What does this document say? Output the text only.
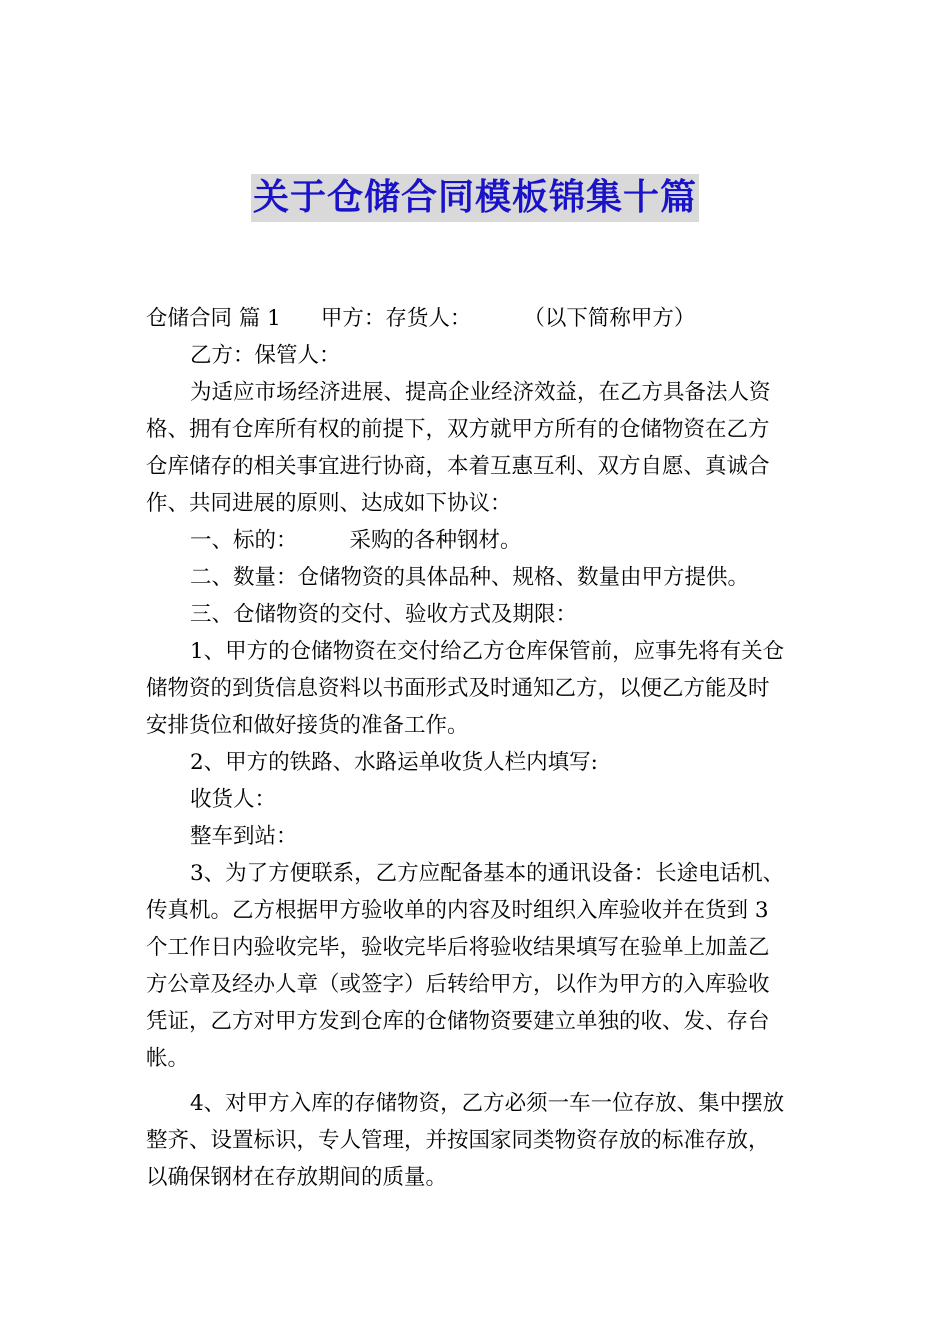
关于仓储合同模板锦集十篇
仓储合同 篇 1 甲方：存货人： （以下简称甲方）
乙方：保管人：
为适应市场经济进展、提高企业经济效益，在乙方具备法人资
格、拥有仓库所有权的前提下，双方就甲方所有的仓储物资在乙方
仓库储存的相关事宜进行协商，本着互惠互利、双方自愿、真诚合
作、共同进展的原则、达成如下协议：
一、标的： 采购的各种钢材。
二、数量：仓储物资的具体品种、规格、数量由甲方提供。
三、仓储物资的交付、验收方式及期限：
1、甲方的仓储物资在交付给乙方仓库保管前，应事先将有关仓
储物资的到货信息资料以书面形式及时通知乙方，以便乙方能及时
安排货位和做好接货的准备工作。
2、甲方的铁路、水路运单收货人栏内填写:
收货人：
整车到站：
3、为了方便联系，乙方应配备基本的通讯设备：长途电话机、
传真机。乙方根据甲方验收单的内容及时组织入库验收并在货到 3
个工作日内验收完毕，验收完毕后将验收结果填写在验单上加盖乙
方公章及经办人章（或签字）后转给甲方，以作为甲方的入库验收
凭证，乙方对甲方发到仓库的仓储物资要建立单独的收、发、存台
帐。
4、对甲方入库的存储物资，乙方必须一车一位存放、集中摆放
整齐、设置标识，专人管理，并按国家同类物资存放的标准存放，
以确保钢材在存放期间的质量。
